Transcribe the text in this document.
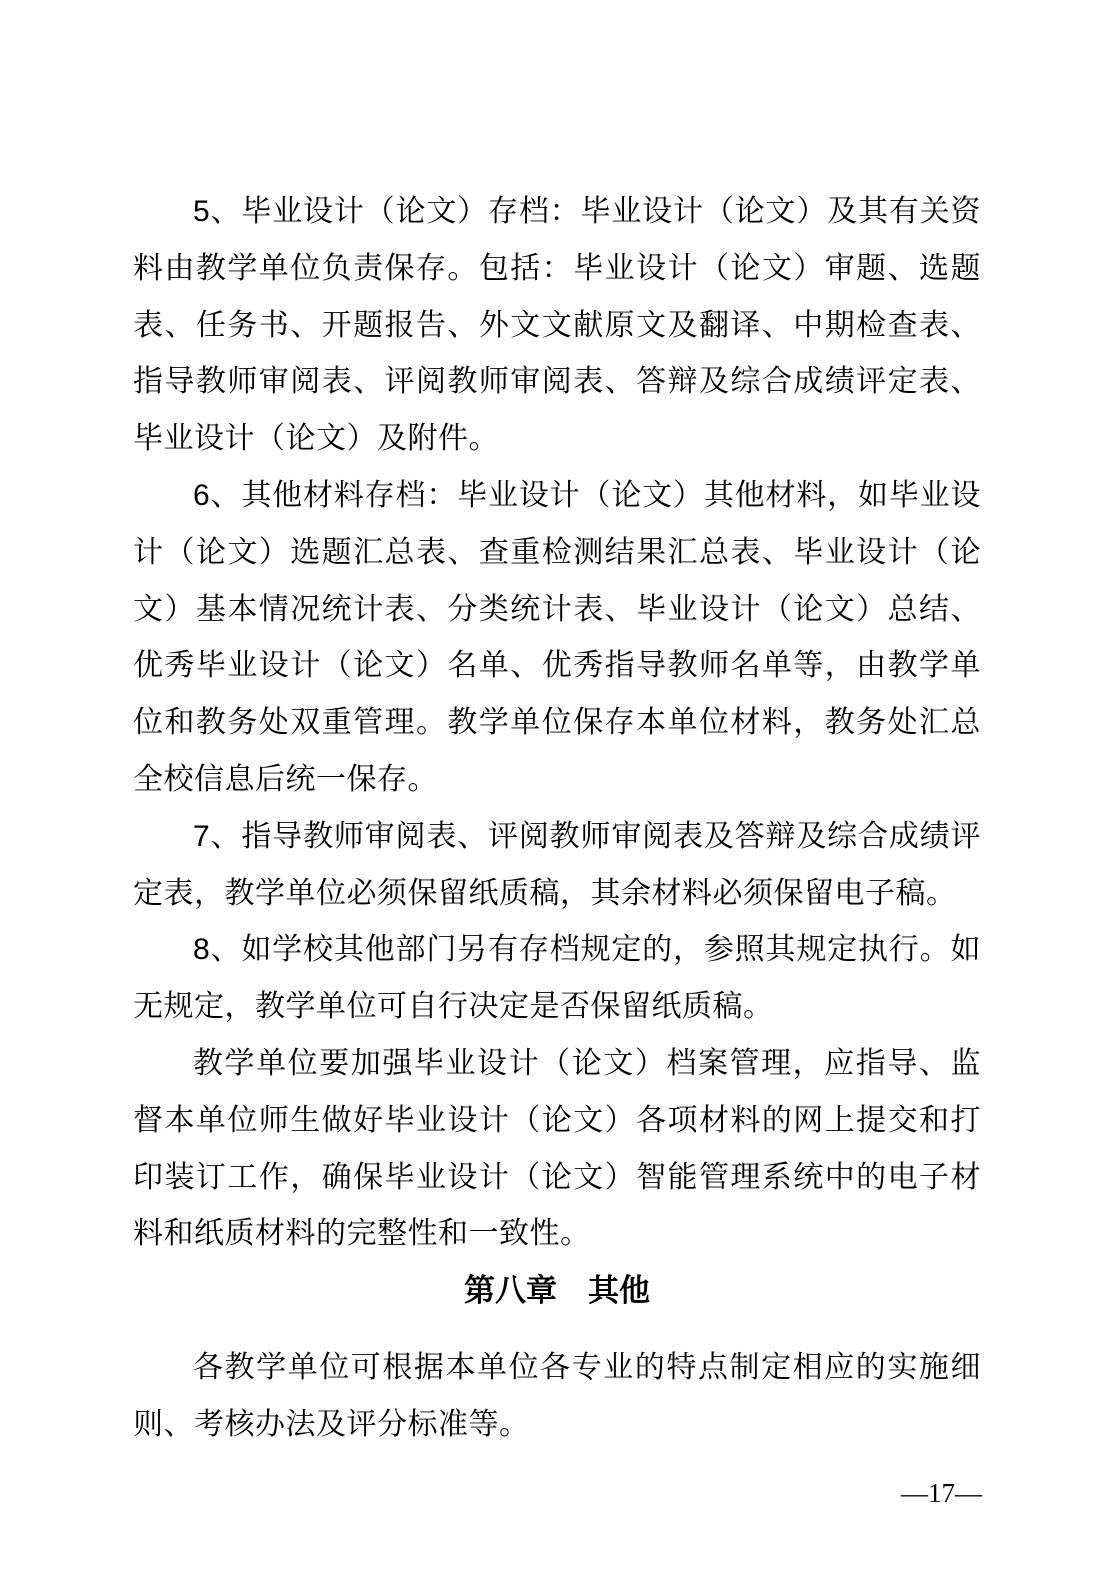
5、毕业设计（论文）存档：毕业设计（论文）及其有关资料由教学单位负责保存。包括：毕业设计（论文）审题、选题表、任务书、开题报告、外文文献原文及翻译、中期检查表、指导教师审阅表、评阅教师审阅表、答辩及综合成绩评定表、毕业设计（论文）及附件。

6、其他材料存档：毕业设计（论文）其他材料，如毕业设计（论文）选题汇总表、查重检测结果汇总表、毕业设计（论文）基本情况统计表、分类统计表、毕业设计（论文）总结、优秀毕业设计（论文）名单、优秀指导教师名单等，由教学单位和教务处双重管理。教学单位保存本单位材料，教务处汇总全校信息后统一保存。

7、指导教师审阅表、评阅教师审阅表及答辩及综合成绩评定表，教学单位必须保留纸质稿，其余材料必须保留电子稿。

8、如学校其他部门另有存档规定的，参照其规定执行。如无规定，教学单位可自行决定是否保留纸质稿。

教学单位要加强毕业设计（论文）档案管理，应指导、监督本单位师生做好毕业设计（论文）各项材料的网上提交和打印装订工作，确保毕业设计（论文）智能管理系统中的电子材料和纸质材料的完整性和一致性。

第八章　其他

各教学单位可根据本单位各专业的特点制定相应的实施细则、考核办法及评分标准等。

—17—
